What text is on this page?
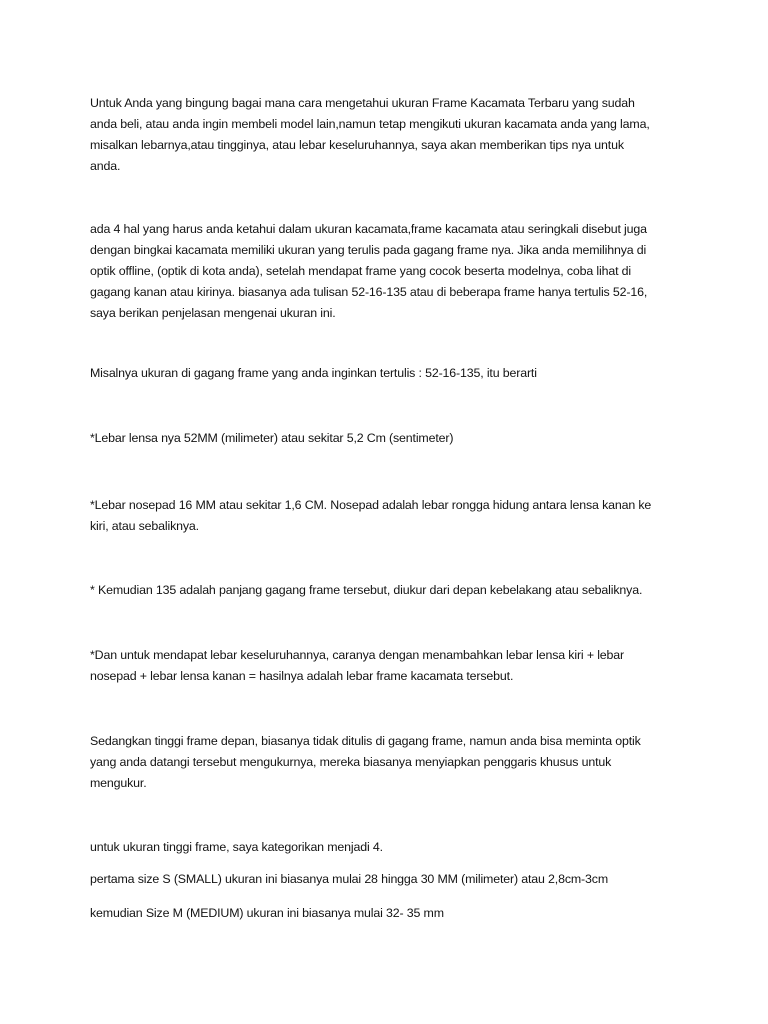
Untuk Anda yang bingung bagai mana cara mengetahui ukuran Frame Kacamata Terbaru yang sudah
anda beli, atau anda ingin membeli model lain,namun tetap mengikuti ukuran kacamata anda yang lama,
misalkan lebarnya,atau tingginya, atau lebar keseluruhannya, saya akan memberikan tips nya untuk
anda.

ada 4 hal yang harus anda ketahui dalam ukuran kacamata,frame kacamata atau seringkali disebut juga
dengan bingkai kacamata memiliki ukuran yang terulis pada gagang frame nya. Jika anda memilihnya di
optik offline, (optik di kota anda), setelah mendapat frame yang cocok beserta modelnya, coba lihat di
gagang kanan atau kirinya. biasanya ada tulisan 52-16-135 atau di beberapa frame hanya tertulis 52-16,
saya berikan penjelasan mengenai ukuran ini.

Misalnya ukuran di gagang frame yang anda inginkan tertulis : 52-16-135, itu berarti

*Lebar lensa nya 52MM (milimeter) atau sekitar 5,2 Cm (sentimeter)

*Lebar nosepad 16 MM atau sekitar 1,6 CM. Nosepad adalah lebar rongga hidung antara lensa kanan ke
kiri, atau sebaliknya.

* Kemudian 135 adalah panjang gagang frame tersebut, diukur dari depan kebelakang atau sebaliknya.

*Dan untuk mendapat lebar keseluruhannya, caranya dengan menambahkan lebar lensa kiri + lebar
nosepad + lebar lensa kanan = hasilnya adalah lebar frame kacamata tersebut.

Sedangkan tinggi frame depan, biasanya tidak ditulis di gagang frame, namun anda bisa meminta optik
yang anda datangi tersebut mengukurnya, mereka biasanya menyiapkan penggaris khusus untuk
mengukur.

untuk ukuran tinggi frame, saya kategorikan menjadi 4.

pertama size S (SMALL) ukuran ini biasanya mulai 28 hingga 30 MM (milimeter) atau 2,8cm-3cm

kemudian Size M (MEDIUM) ukuran ini biasanya mulai 32- 35 mm
